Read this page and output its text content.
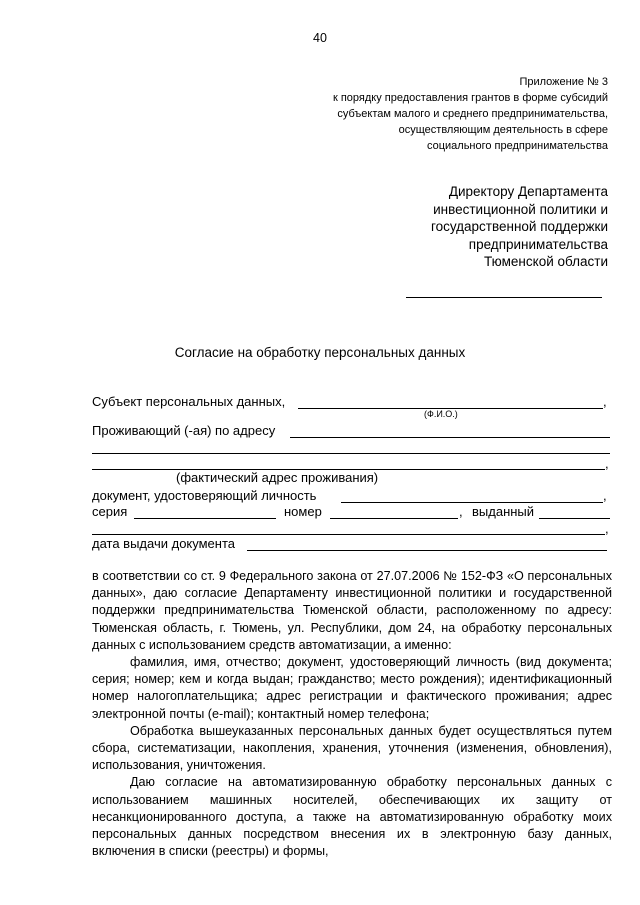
40
Приложение № 3
к порядку предоставления грантов в форме субсидий
субъектам малого и среднего предпринимательства,
осуществляющим деятельность в сфере
социального предпринимательства
Директору Департамента
инвестиционной политики и
государственной поддержки
предпринимательства
Тюменской области
Согласие на обработку персональных данных
Субъект персональных данных,	,
(Ф.И.О.)
Проживающий (-ая) по адресу
,
(фактический адрес проживания)
документ, удостоверяющий личность	,
серия	номер	, выданный
,
дата выдачи документа

в соответствии со ст. 9 Федерального закона от 27.07.2006 № 152-ФЗ «О персональных данных», даю согласие Департаменту инвестиционной политики и государственной поддержки предпринимательства Тюменской области, расположенному по адресу: Тюменская область, г. Тюмень, ул. Республики, дом 24, на обработку персональных данных с использованием средств автоматизации, а именно:

фамилия, имя, отчество; документ, удостоверяющий личность (вид документа; серия; номер; кем и когда выдан; гражданство; место рождения); идентификационный номер налогоплательщика; адрес регистрации и фактического проживания; адрес электронной почты (e-mail); контактный номер телефона;

Обработка вышеуказанных персональных данных будет осуществляться путем сбора, систематизации, накопления, хранения, уточнения (изменения, обновления), использования, уничтожения.

Даю согласие на автоматизированную обработку персональных данных с использованием машинных носителей, обеспечивающих их защиту от несанкционированного доступа, а также на автоматизированную обработку моих персональных данных посредством внесения их в электронную базу данных, включения в списки (реестры) и формы,
